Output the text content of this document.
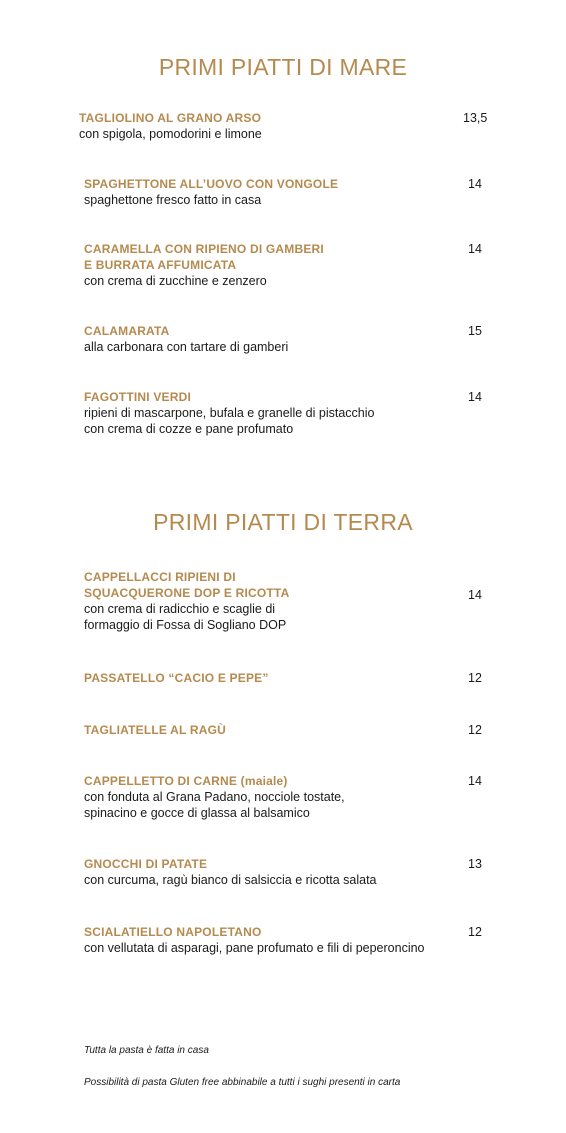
PRIMI PIATTI DI MARE
TAGLIOLINO AL GRANO ARSO
con spigola, pomodorini e limone
13,5
SPAGHETTONE ALL’UOVO CON VONGOLE
spaghettone fresco fatto in casa
14
CARAMELLA CON RIPIENO DI GAMBERI
E BURRATA AFFUMICATA
con crema di zucchine e zenzero
14
CALAMARATA
alla carbonara con tartare di gamberi
15
FAGOTTINI VERDI
ripieni di mascarpone, bufala e granelle di pistacchio
con crema di cozze e pane profumato
14
PRIMI PIATTI DI TERRA
CAPPELLACCI RIPIENI DI
SQUACQUERONE DOP E RICOTTA
con crema di radicchio e scaglie di
formaggio di Fossa di Sogliano DOP
14
PASSATELLO “CACIO E PEPE”	12
TAGLIATELLE AL RAGÙ	12
CAPPELLETTO DI CARNE (maiale)
con fonduta al Grana Padano, nocciole tostate,
spinacino e gocce di glassa al balsamico
14
GNOCCHI DI PATATE
con curcuma, ragù bianco di salsiccia e ricotta salata
13
SCIALATIELLO NAPOLETANO
con vellutata di asparagi, pane profumato e fili di peperoncino
12
Tutta la pasta è fatta in casa
Possibilità di pasta Gluten free abbinabile a tutti i sughi presenti in carta
